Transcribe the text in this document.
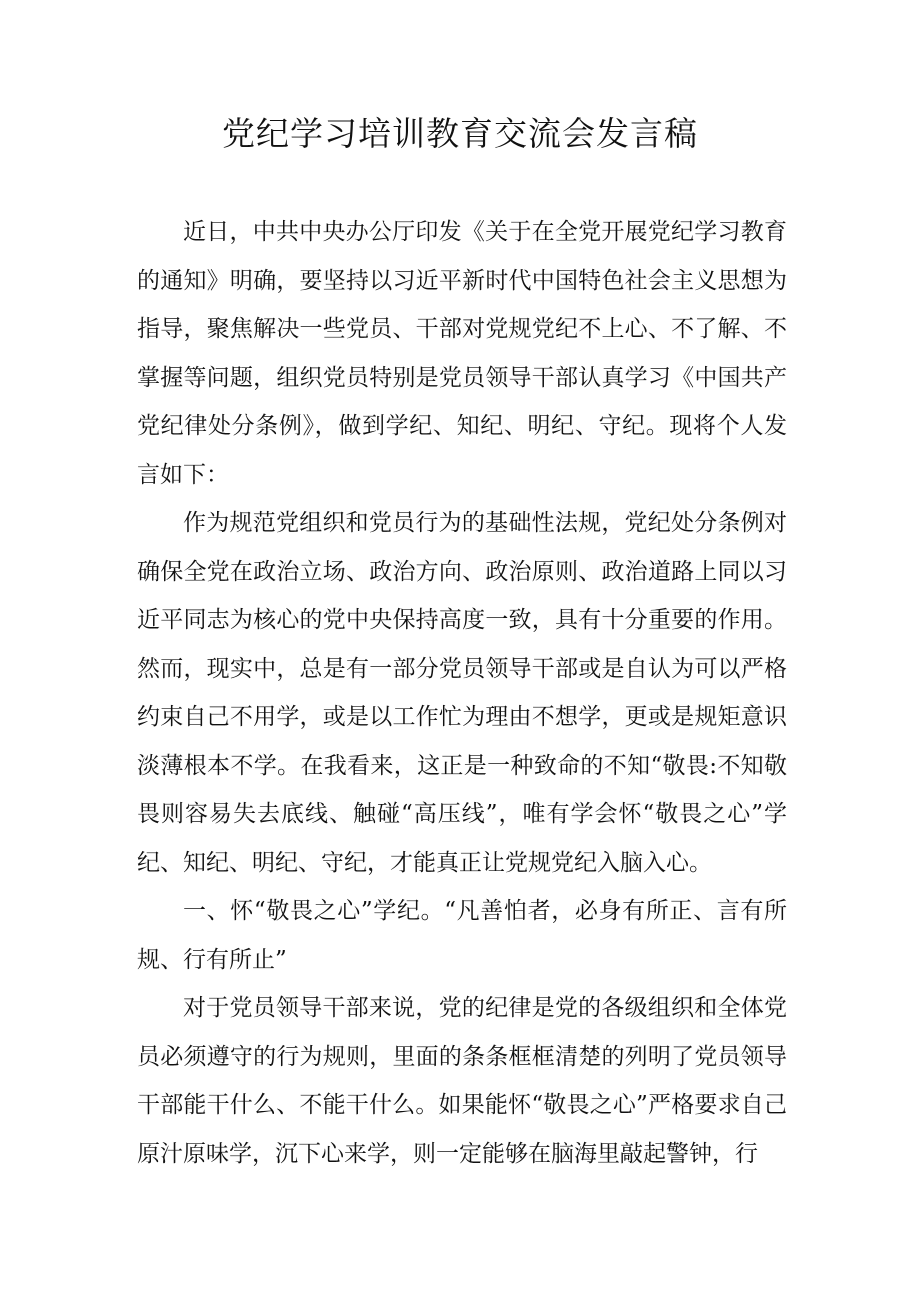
党纪学习培训教育交流会发言稿

近日，中共中央办公厅印发《关于在全党开展党纪学习教育的通知》明确，要坚持以习近平新时代中国特色社会主义思想为指导，聚焦解决一些党员、干部对党规党纪不上心、不了解、不掌握等问题，组织党员特别是党员领导干部认真学习《中国共产党纪律处分条例》，做到学纪、知纪、明纪、守纪。现将个人发言如下：

作为规范党组织和党员行为的基础性法规，党纪处分条例对确保全党在政治立场、政治方向、政治原则、政治道路上同以习近平同志为核心的党中央保持高度一致，具有十分重要的作用。然而，现实中，总是有一部分党员领导干部或是自认为可以严格约束自己不用学，或是以工作忙为理由不想学，更或是规矩意识淡薄根本不学。在我看来，这正是一种致命的不知“敬畏:不知敬畏则容易失去底线、触碰“高压线”，唯有学会怀“敬畏之心”学纪、知纪、明纪、守纪，才能真正让党规党纪入脑入心。

一、怀“敬畏之心”学纪。“凡善怕者，必身有所正、言有所规、行有所止”

对于党员领导干部来说，党的纪律是党的各级组织和全体党员必须遵守的行为规则，里面的条条框框清楚的列明了党员领导干部能干什么、不能干什么。如果能怀“敬畏之心”严格要求自己原汁原味学，沉下心来学，则一定能够在脑海里敲起警钟，行
